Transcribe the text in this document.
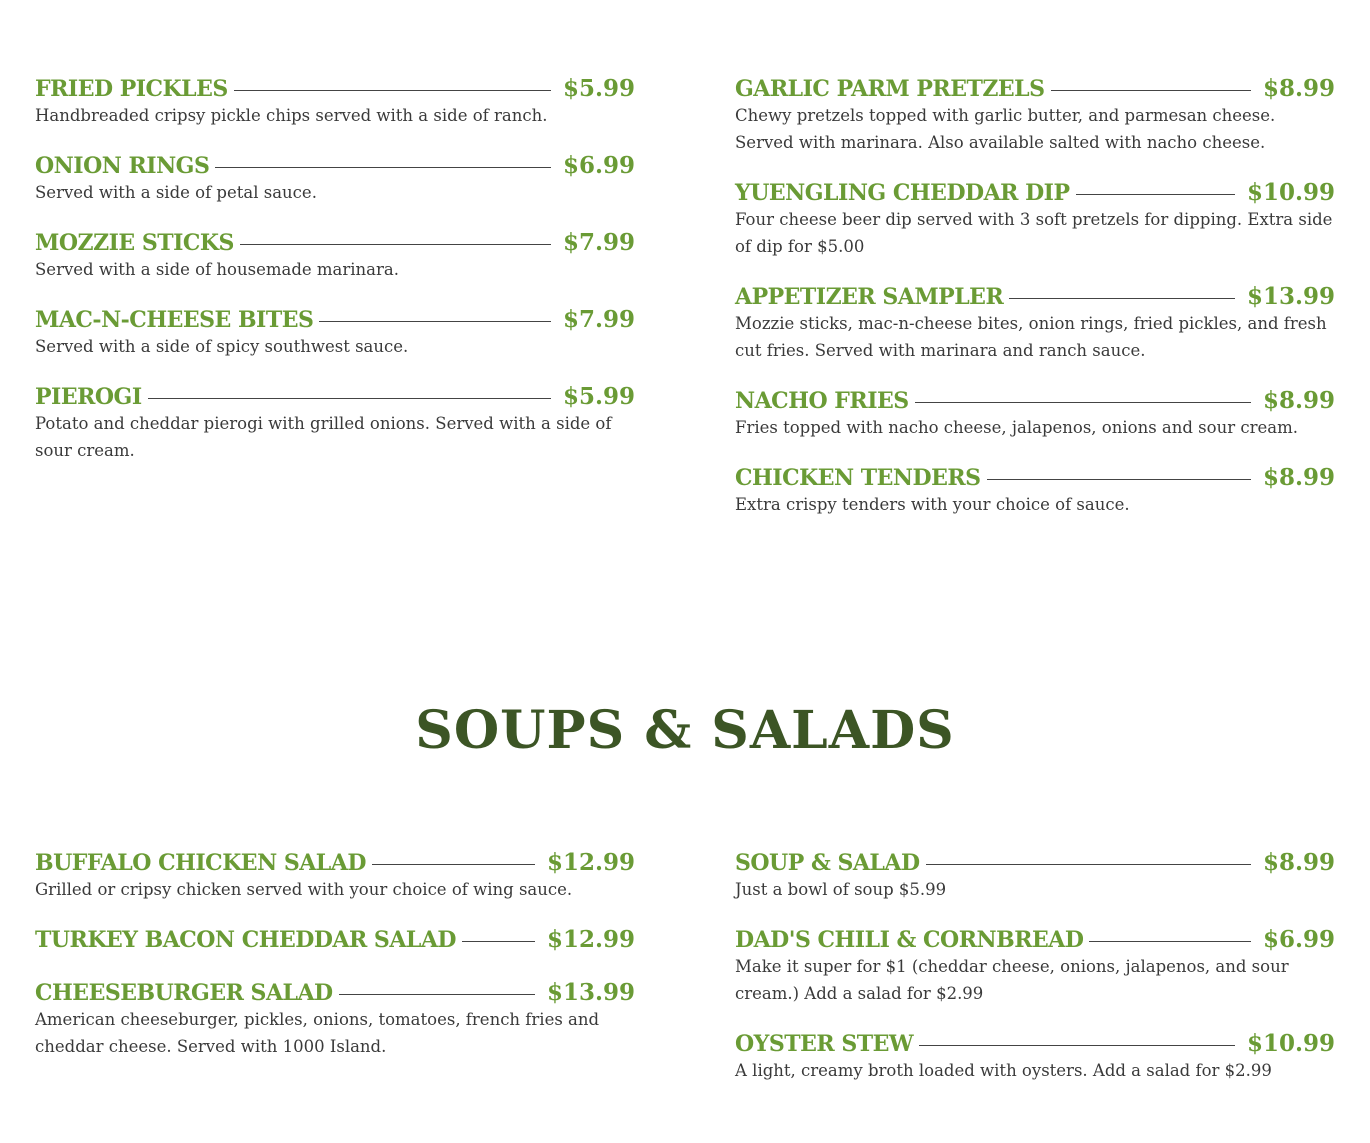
FRIED PICKLES	$5.99
Handbreaded cripsy pickle chips served with a side of ranch.
ONION RINGS	$6.99
Served with a side of petal sauce.
MOZZIE STICKS	$7.99
Served with a side of housemade marinara.
MAC-N-CHEESE BITES	$7.99
Served with a side of spicy southwest sauce.
PIEROGI	$5.99
Potato and cheddar pierogi with grilled onions. Served with a side of sour cream.
GARLIC PARM PRETZELS	$8.99
Chewy pretzels topped with garlic butter, and parmesan cheese. Served with marinara. Also available salted with nacho cheese.
YUENGLING CHEDDAR DIP	$10.99
Four cheese beer dip served with 3 soft pretzels for dipping. Extra side of dip for $5.00
APPETIZER SAMPLER	$13.99
Mozzie sticks, mac-n-cheese bites, onion rings, fried pickles, and fresh cut fries. Served with marinara and ranch sauce.
NACHO FRIES	$8.99
Fries topped with nacho cheese, jalapenos, onions and sour cream.
CHICKEN TENDERS	$8.99
Extra crispy tenders with your choice of sauce.
SOUPS & SALADS
BUFFALO CHICKEN SALAD	$12.99
Grilled or cripsy chicken served with your choice of wing sauce.
TURKEY BACON CHEDDAR SALAD	$12.99
CHEESEBURGER SALAD	$13.99
American cheeseburger, pickles, onions, tomatoes, french fries and cheddar cheese. Served with 1000 Island.
SOUP & SALAD	$8.99
Just a bowl of soup $5.99
DAD'S CHILI & CORNBREAD	$6.99
Make it super for $1 (cheddar cheese, onions, jalapenos, and sour cream.) Add a salad for $2.99
OYSTER STEW	$10.99
A light, creamy broth loaded with oysters. Add a salad for $2.99
